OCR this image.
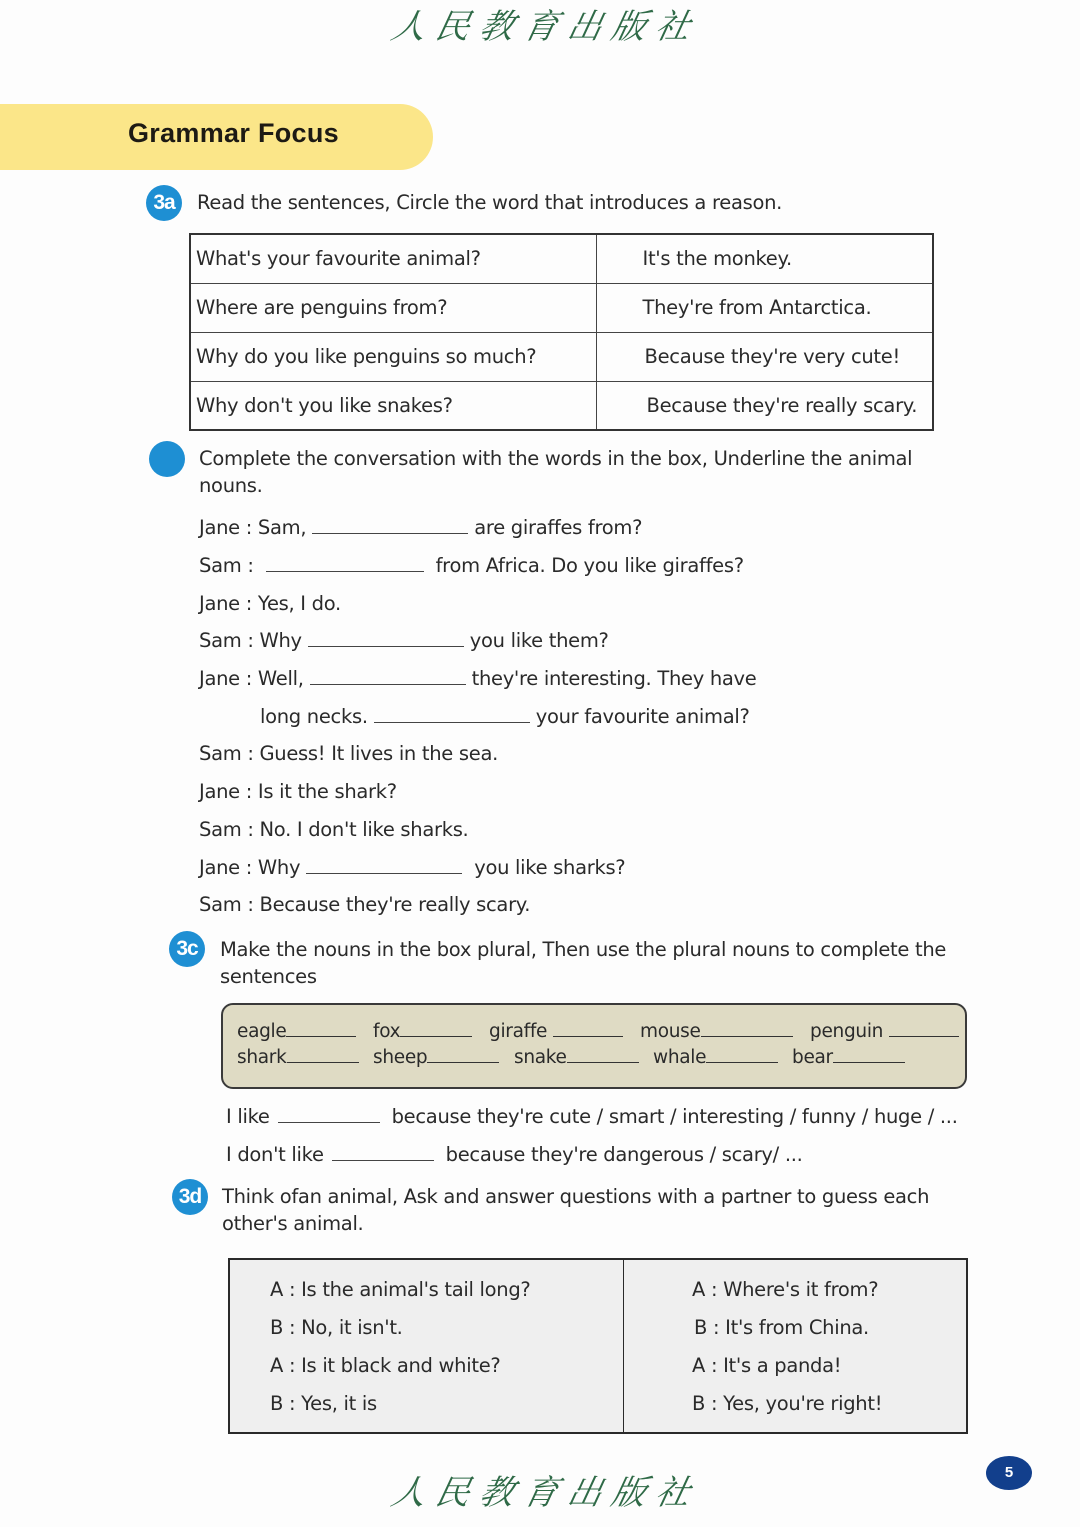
人民教育出版社
Grammar Focus
3a	Read the sentences, Circle the word that introduces a reason.
What's your favourite animal?	It's the monkey.
Where are penguins from?	They're from Antarctica.
Why do you like penguins so much?	Because they're very cute!
Why don't you like snakes?	Because they're really scary.
Complete the conversation with the words in the box, Underline the animal
nouns.
Jane : Sam,	are giraffes from?
Sam :	from Africa. Do you like giraffes?
Jane : Yes, I do.
Sam : Why	you like them?
Jane : Well,	they're interesting. They have
long necks.	your favourite animal?
Sam : Guess! It lives in the sea.
Jane : Is it the shark?
Sam : No. I don't like sharks.
Jane : Why	you like sharks?
Sam : Because they're really scary.
3c	Make the nouns in the box plural, Then use the plural nouns to complete the
sentences
eagle	fox	giraffe	mouse	penguin
shark	sheep	snake	whale	bear
I like	because they're cute / smart / interesting / funny / huge / ...
I don't like	because they're dangerous / scary/ ...
3d	Think ofan animal, Ask and answer questions with a partner to guess each
other's animal.
A : Is the animal's tail long?
B : No, it isn't.
A : Is it black and white?
B : Yes, it is
A : Where's it from?
B : It's from China.
A : It's a panda!
B : Yes, you're right!
5
人民教育出版社
